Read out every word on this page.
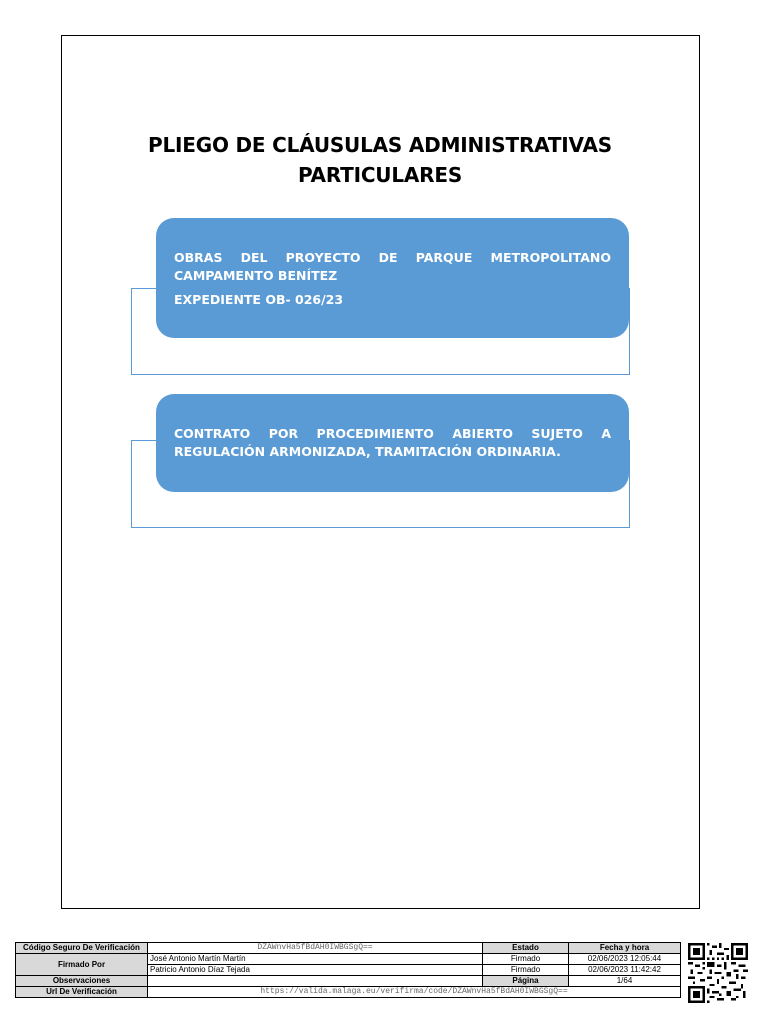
PLIEGO DE CLÁUSULAS ADMINISTRATIVAS
PARTICULARES
OBRAS DEL PROYECTO DE PARQUE METROPOLITANO
CAMPAMENTO BENÍTEZ
EXPEDIENTE OB- 026/23
CONTRATO POR PROCEDIMIENTO ABIERTO SUJETO A
REGULACIÓN ARMONIZADA, TRAMITACIÓN ORDINARIA.
Código Seguro De Verificación	DZAWnvHa5fBdAH0IWBGSgQ==	Estado	Fecha y hora
Firmado Por	José Antonio Martín Martín	Firmado	02/06/2023 12:05:44
	Patricio Antonio Díaz Tejada	Firmado	02/06/2023 11:42:42
Observaciones		Página	1/64
Url De Verificación	https://valida.malaga.eu/verifirma/code/DZAWnvHa5fBdAH0IWBGSgQ==		
